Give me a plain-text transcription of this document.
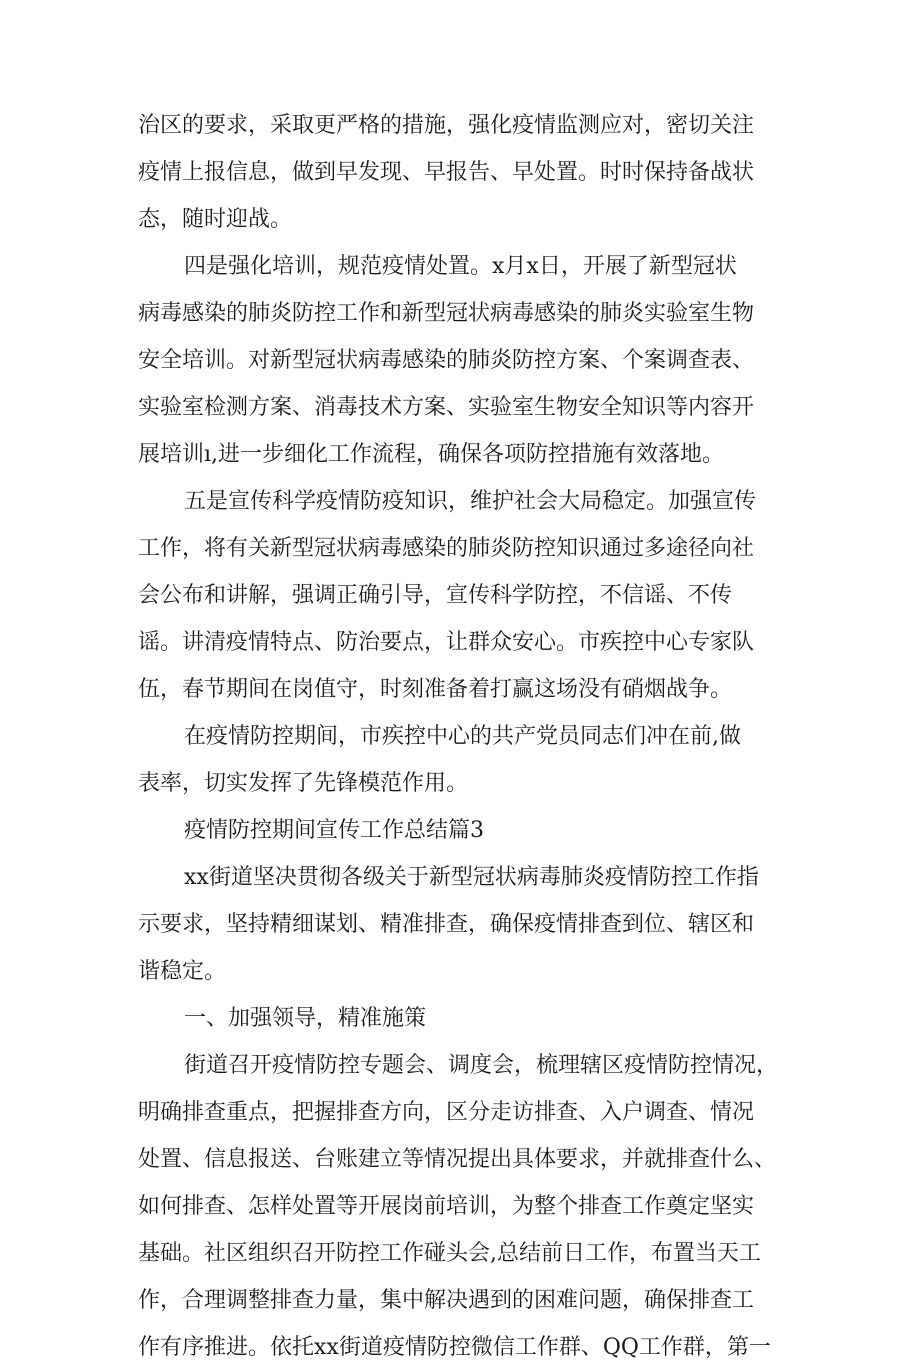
治区的要求，采取更严格的措施，强化疫情监测应对，密切关注
疫情上报信息，做到早发现、早报告、早处置。时时保持备战状
态，随时迎战。
四是强化培训，规范疫情处置。x月x日，开展了新型冠状
病毒感染的肺炎防控工作和新型冠状病毒感染的肺炎实验室生物
安全培训。对新型冠状病毒感染的肺炎防控方案、个案调查表、
实验室检测方案、消毒技术方案、实验室生物安全知识等内容开
展培训ı,进一步细化工作流程，确保各项防控措施有效落地。
五是宣传科学疫情防疫知识，维护社会大局稳定。加强宣传
工作，将有关新型冠状病毒感染的肺炎防控知识通过多途径向社
会公布和讲解，强调正确引导，宣传科学防控，不信谣、不传
谣。讲清疫情特点、防治要点，让群众安心。市疾控中心专家队
伍，春节期间在岗值守，时刻准备着打赢这场没有硝烟战争。
在疫情防控期间，市疾控中心的共产党员同志们冲在前,做
表率，切实发挥了先锋模范作用。
疫情防控期间宣传工作总结篇3
xx街道坚决贯彻各级关于新型冠状病毒肺炎疫情防控工作指
示要求，坚持精细谋划、精准排查，确保疫情排查到位、辖区和
谐稳定。
一、加强领导，精准施策
街道召开疫情防控专题会、调度会，梳理辖区疫情防控情况，
明确排查重点，把握排查方向，区分走访排查、入户调查、情况
处置、信息报送、台账建立等情况提出具体要求，并就排查什么、
如何排查、怎样处置等开展岗前培训，为整个排查工作奠定坚实
基础。社区组织召开防控工作碰头会,总结前日工作，布置当天工
作，合理调整排查力量，集中解决遇到的困难问题，确保排查工
作有序推进。依托xx街道疫情防控微信工作群、QQ工作群，第一
